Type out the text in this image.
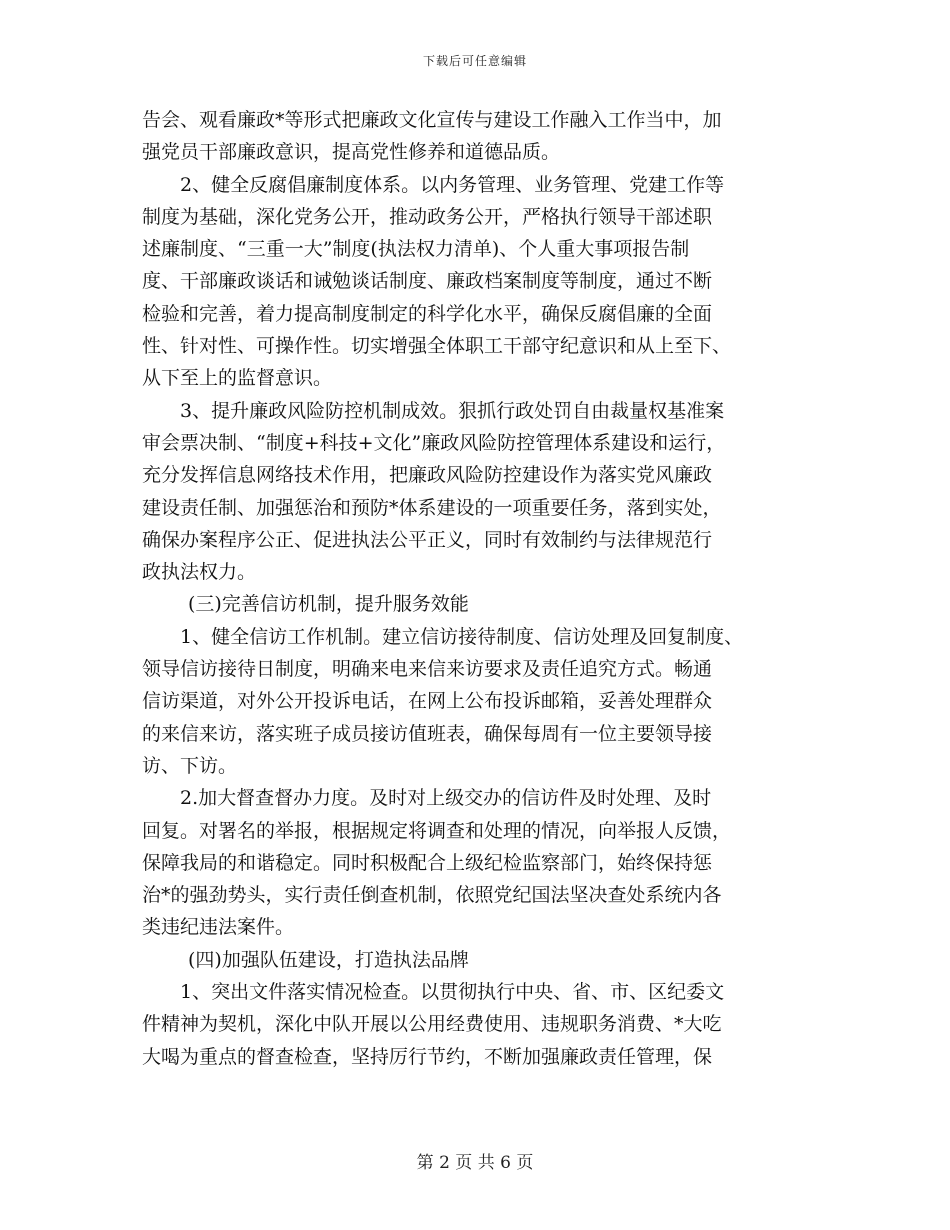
下载后可任意编辑
告会、观看廉政*等形式把廉政文化宣传与建设工作融入工作当中，加
强党员干部廉政意识，提高党性修养和道德品质。
2、健全反腐倡廉制度体系。以内务管理、业务管理、党建工作等
制度为基础，深化党务公开，推动政务公开，严格执行领导干部述职
述廉制度、“三重一大”制度(执法权力清单)、个人重大事项报告制
度、干部廉政谈话和诫勉谈话制度、廉政档案制度等制度，通过不断
检验和完善，着力提高制度制定的科学化水平，确保反腐倡廉的全面
性、针对性、可操作性。切实增强全体职工干部守纪意识和从上至下、
从下至上的监督意识。
3、提升廉政风险防控机制成效。狠抓行政处罚自由裁量权基准案
审会票决制、“制度+科技+文化”廉政风险防控管理体系建设和运行，
充分发挥信息网络技术作用，把廉政风险防控建设作为落实党风廉政
建设责任制、加强惩治和预防*体系建设的一项重要任务，落到实处，
确保办案程序公正、促进执法公平正义，同时有效制约与法律规范行
政执法权力。
(三)完善信访机制，提升服务效能
1、健全信访工作机制。建立信访接待制度、信访处理及回复制度、
领导信访接待日制度，明确来电来信来访要求及责任追究方式。畅通
信访渠道，对外公开投诉电话，在网上公布投诉邮箱，妥善处理群众
的来信来访，落实班子成员接访值班表，确保每周有一位主要领导接
访、下访。
2.加大督查督办力度。及时对上级交办的信访件及时处理、及时
回复。对署名的举报，根据规定将调查和处理的情况，向举报人反馈，
保障我局的和谐稳定。同时积极配合上级纪检监察部门，始终保持惩
治*的强劲势头，实行责任倒查机制，依照党纪国法坚决查处系统内各
类违纪违法案件。
(四)加强队伍建设，打造执法品牌
1、突出文件落实情况检查。以贯彻执行中央、省、市、区纪委文
件精神为契机，深化中队开展以公用经费使用、违规职务消费、*大吃
大喝为重点的督查检查，坚持厉行节约，不断加强廉政责任管理，保
第 2 页 共 6 页
